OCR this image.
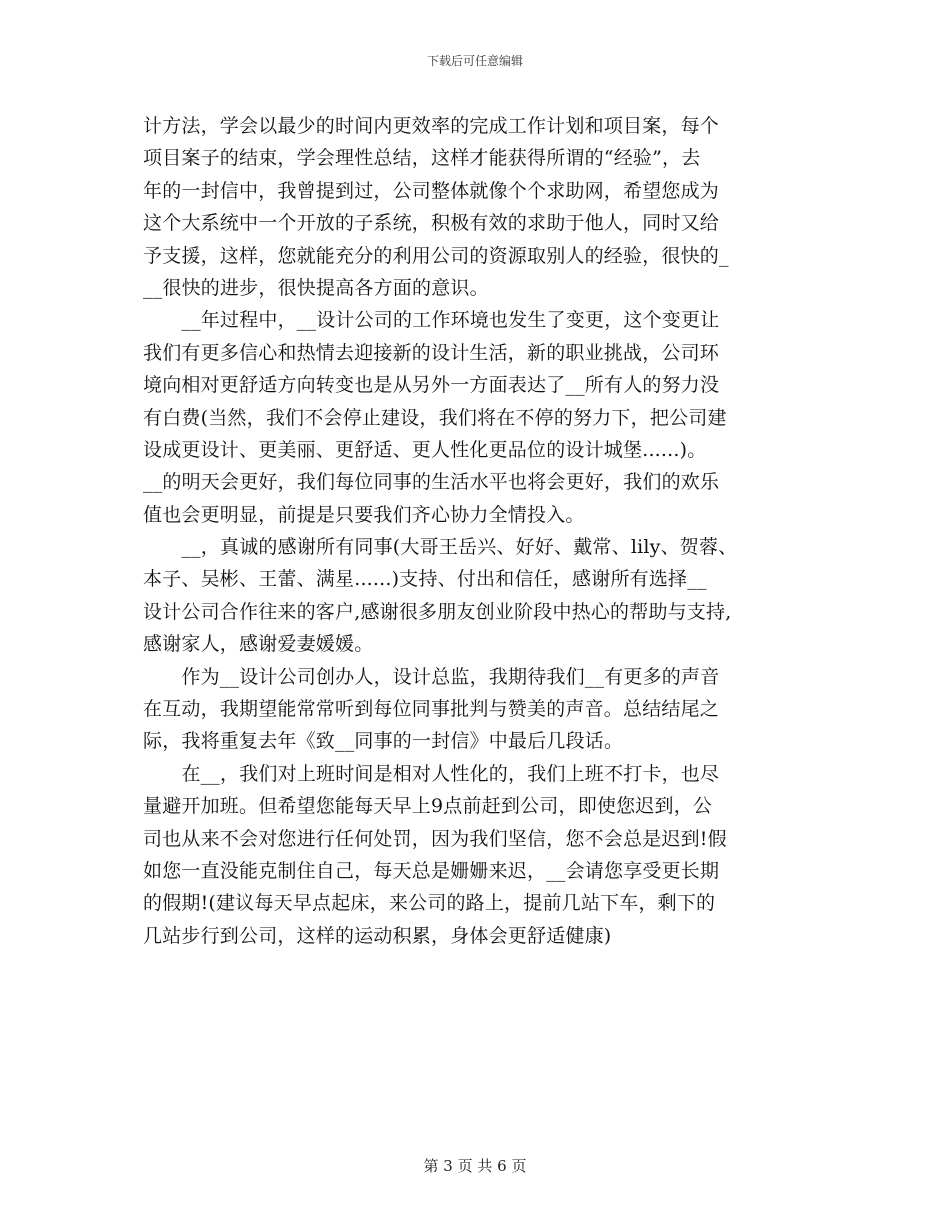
下载后可任意编辑
计方法，学会以最少的时间内更效率的完成工作计划和项目案，每个
项目案子的结束，学会理性总结，这样才能获得所谓的“经验”，去
年的一封信中，我曾提到过，公司整体就像个个求助网，希望您成为
这个大系统中一个开放的子系统，积极有效的求助于他人，同时又给
予支援，这样，您就能充分的利用公司的资源取别人的经验，很快的_
__很快的进步，很快提高各方面的意识。
　　__年过程中，__设计公司的工作环境也发生了变更，这个变更让
我们有更多信心和热情去迎接新的设计生活，新的职业挑战，公司环
境向相对更舒适方向转变也是从另外一方面表达了__所有人的努力没
有白费(当然，我们不会停止建设，我们将在不停的努力下，把公司建
设成更设计、更美丽、更舒适、更人性化更品位的设计城堡......)。
__的明天会更好，我们每位同事的生活水平也将会更好，我们的欢乐
值也会更明显，前提是只要我们齐心协力全情投入。
　　__，真诚的感谢所有同事(大哥王岳兴、好好、戴常、lily、贺蓉、
本子、吴彬、王蕾、满星......)支持、付出和信任，感谢所有选择__
设计公司合作往来的客户,感谢很多朋友创业阶段中热心的帮助与支持,
感谢家人，感谢爱妻媛媛。
　　作为__设计公司创办人，设计总监，我期待我们__有更多的声音
在互动，我期望能常常听到每位同事批判与赞美的声音。总结结尾之
际，我将重复去年《致__同事的一封信》中最后几段话。
　　在__，我们对上班时间是相对人性化的，我们上班不打卡，也尽
量避开加班。但希望您能每天早上9点前赶到公司，即使您迟到，公
司也从来不会对您进行任何处罚，因为我们坚信，您不会总是迟到!假
如您一直没能克制住自己，每天总是姗姗来迟，__会请您享受更长期
的假期!(建议每天早点起床，来公司的路上，提前几站下车，剩下的
几站步行到公司，这样的运动积累，身体会更舒适健康)
第 3 页 共 6 页
